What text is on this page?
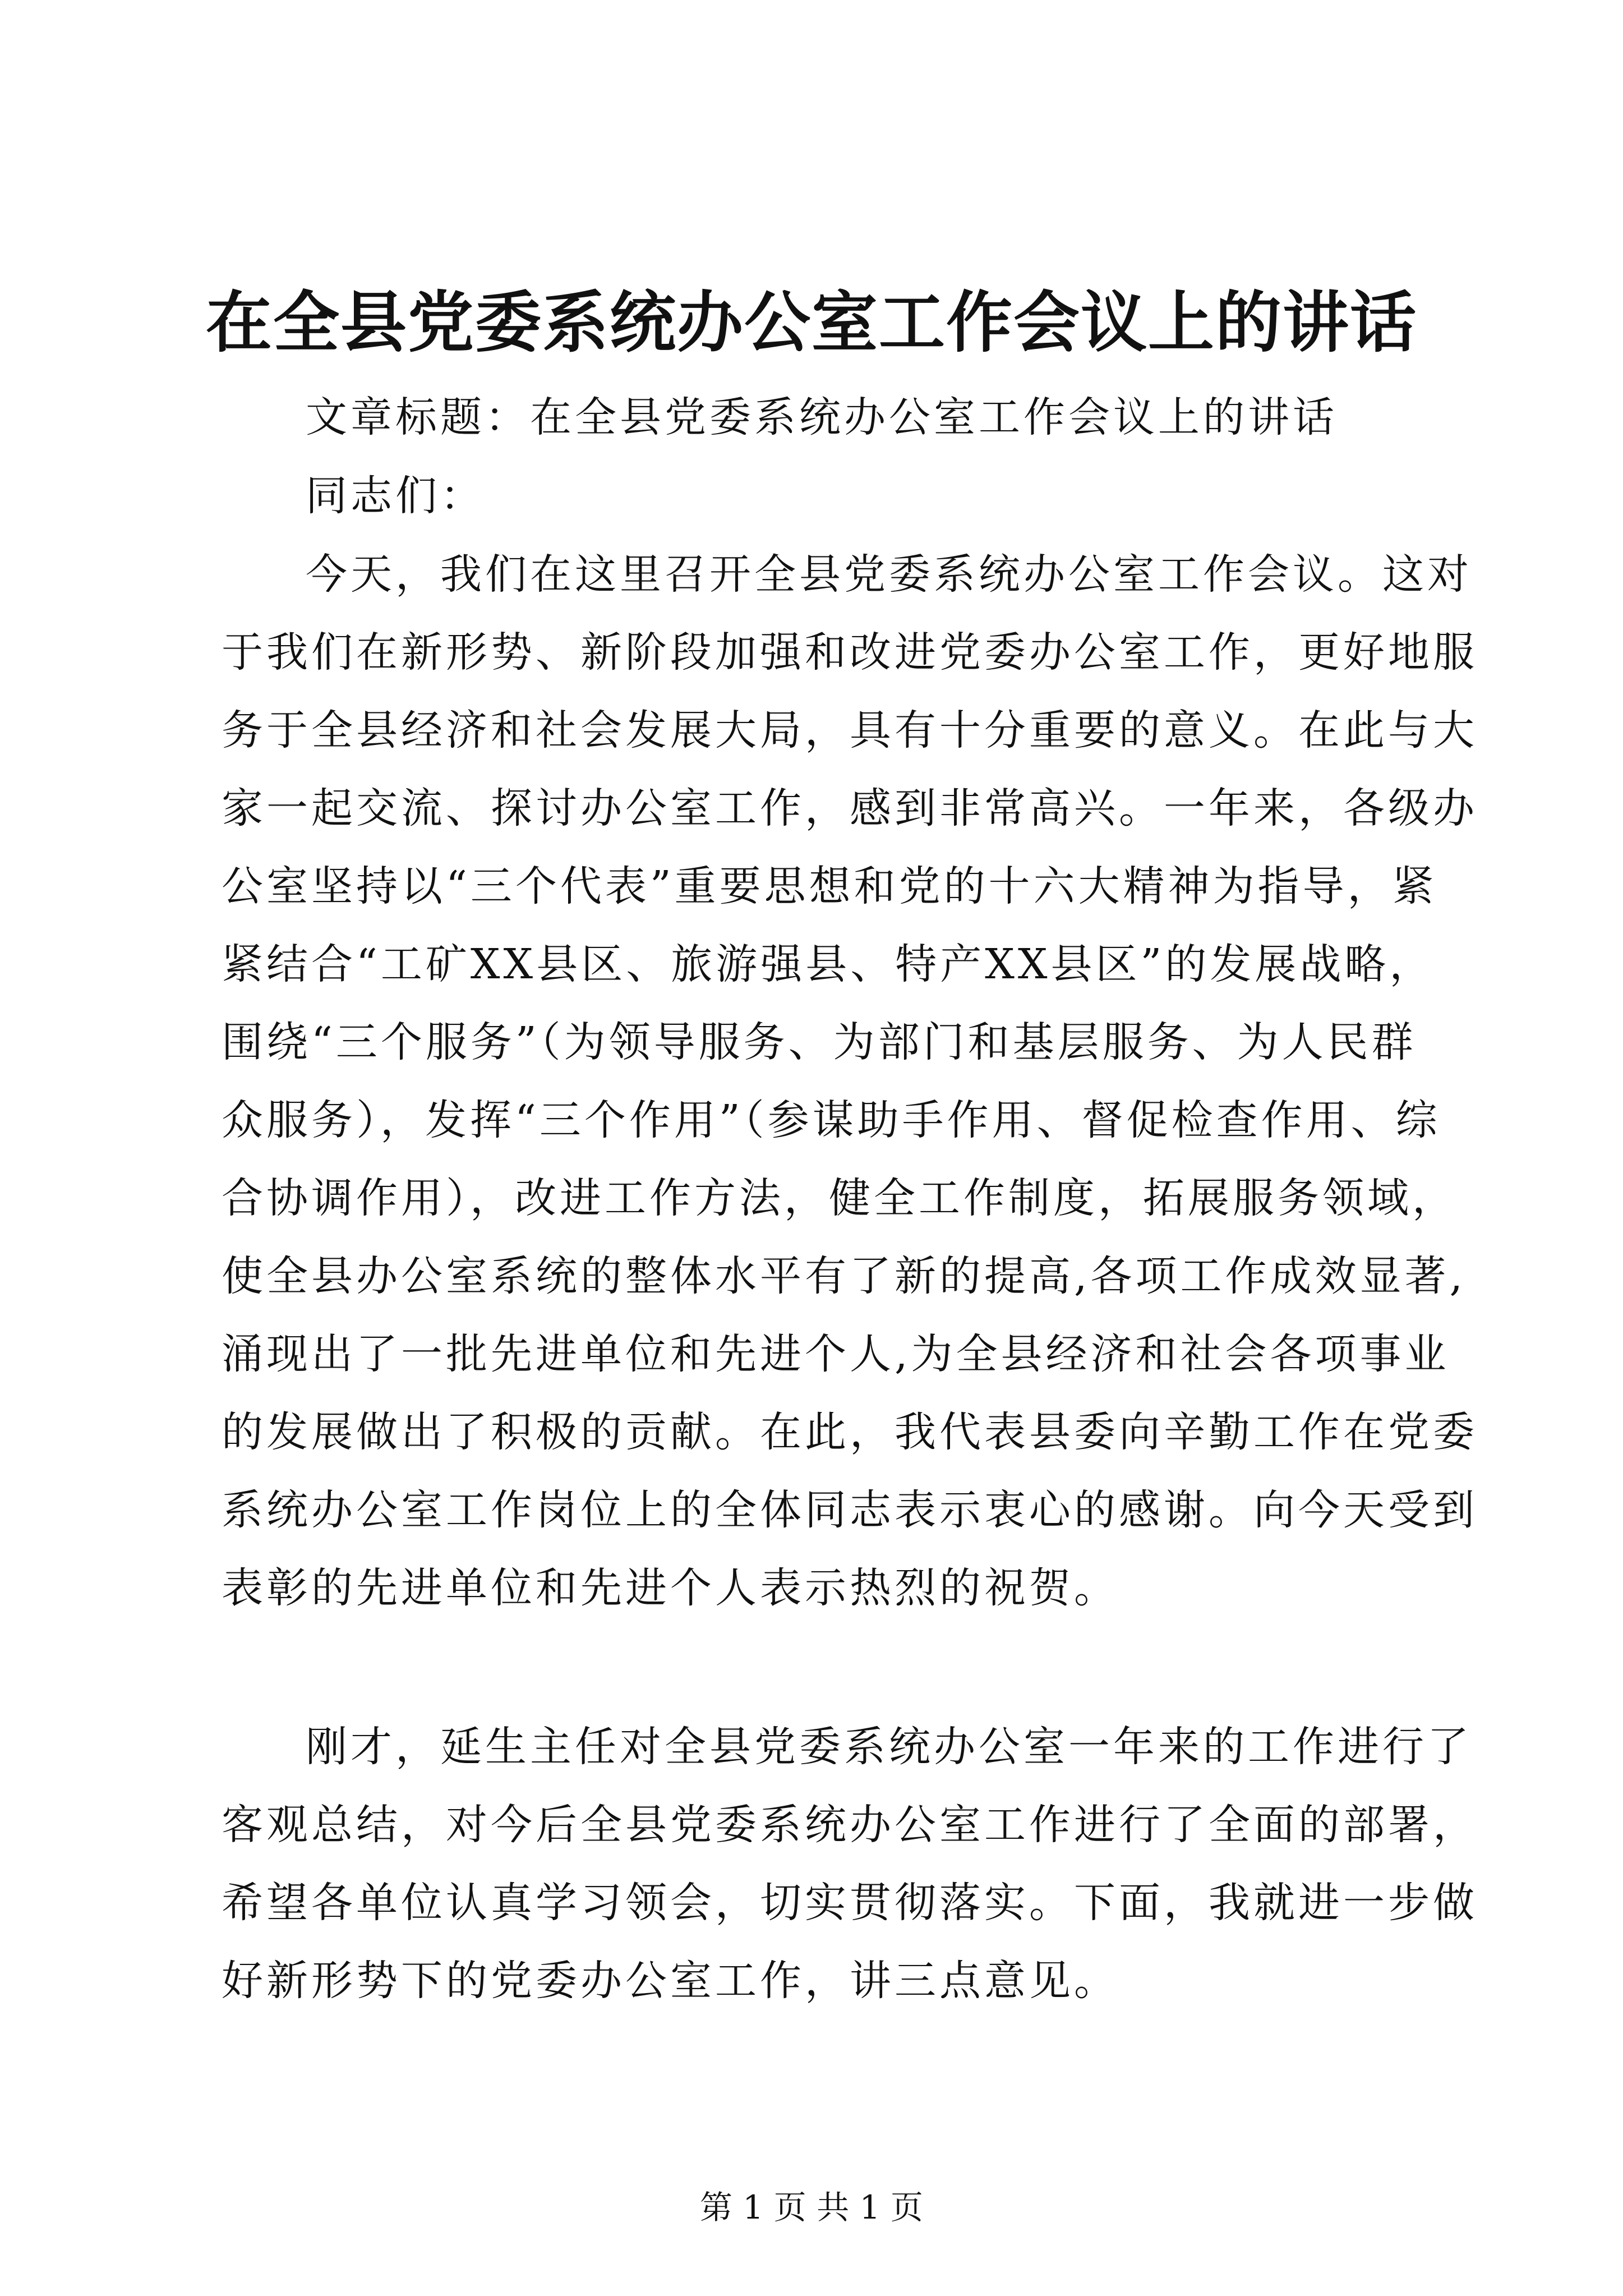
在全县党委系统办公室工作会议上的讲话
文章标题：在全县党委系统办公室工作会议上的讲话
同志们：
今天，我们在这里召开全县党委系统办公室工作会议。这对
于我们在新形势、新阶段加强和改进党委办公室工作，更好地服
务于全县经济和社会发展大局，具有十分重要的意义。在此与大
家一起交流、探讨办公室工作，感到非常高兴。一年来，各级办
公室坚持以“三个代表”重要思想和党的十六大精神为指导，紧
紧结合“工矿XX县区、旅游强县、特产XX县区”的发展战略，
围绕“三个服务”（为领导服务、为部门和基层服务、为人民群
众服务），发挥“三个作用”（参谋助手作用、督促检查作用、综
合协调作用），改进工作方法，健全工作制度，拓展服务领域，
使全县办公室系统的整体水平有了新的提高,各项工作成效显著,
涌现出了一批先进单位和先进个人,为全县经济和社会各项事业
的发展做出了积极的贡献。在此，我代表县委向辛勤工作在党委
系统办公室工作岗位上的全体同志表示衷心的感谢。向今天受到
表彰的先进单位和先进个人表示热烈的祝贺。
刚才，延生主任对全县党委系统办公室一年来的工作进行了
客观总结，对今后全县党委系统办公室工作进行了全面的部署，
希望各单位认真学习领会，切实贯彻落实。下面，我就进一步做
好新形势下的党委办公室工作，讲三点意见。
第 1 页 共 1 页
